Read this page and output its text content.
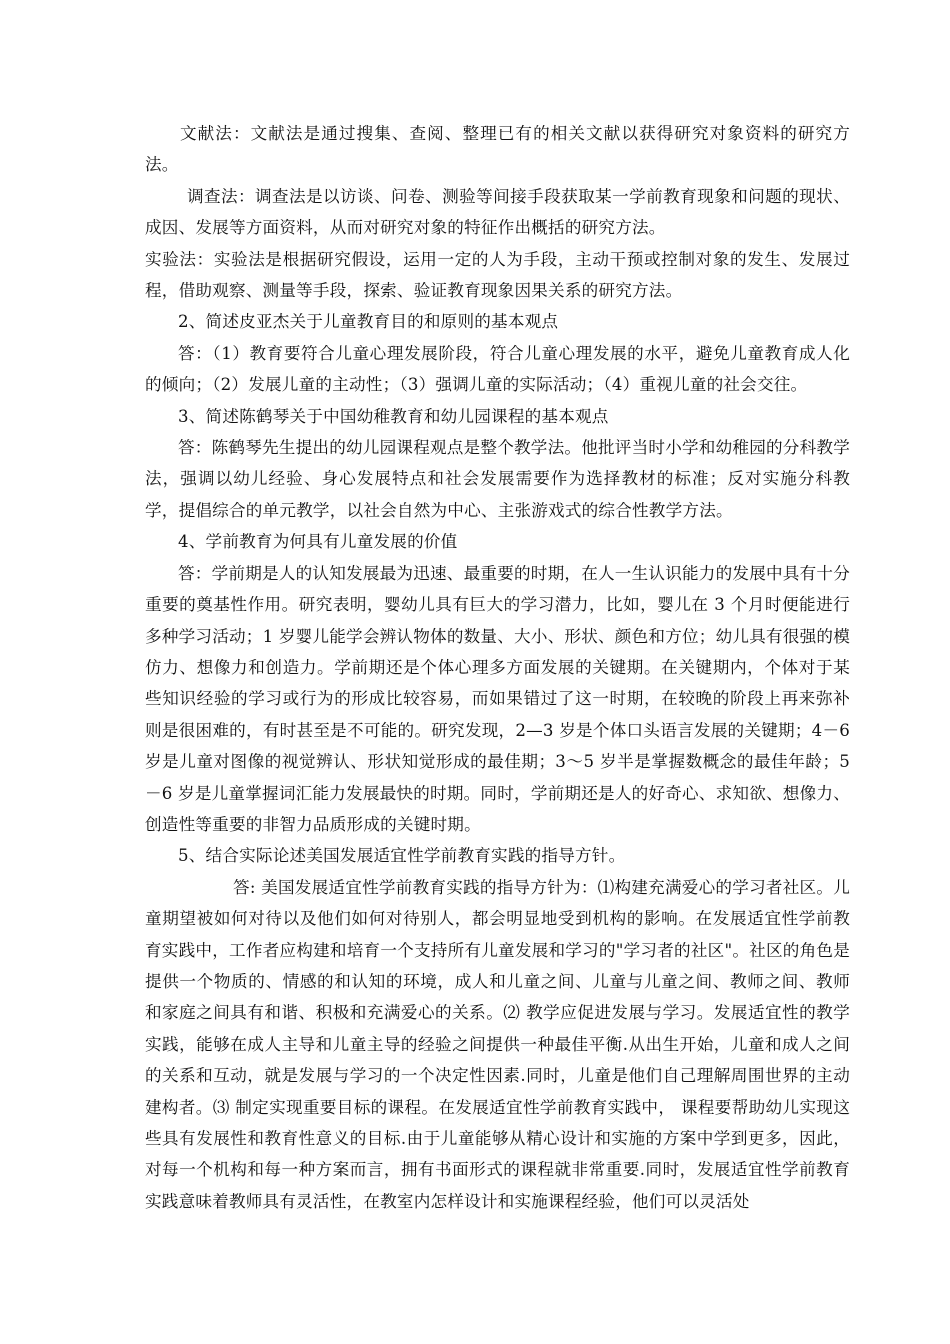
文献法：文献法是通过搜集、查阅、整理已有的相关文献以获得研究对象资料的研究方法。

调查法：调查法是以访谈、问卷、测验等间接手段获取某一学前教育现象和问题的现状、成因、发展等方面资料，从而对研究对象的特征作出概括的研究方法。

实验法：实验法是根据研究假设，运用一定的人为手段，主动干预或控制对象的发生、发展过程，借助观察、测量等手段，探索、验证教育现象因果关系的研究方法。

2、简述皮亚杰关于儿童教育目的和原则的基本观点

答：（1）教育要符合儿童心理发展阶段，符合儿童心理发展的水平，避免儿童教育成人化的倾向；（2）发展儿童的主动性；（3）强调儿童的实际活动；（4）重视儿童的社会交往。

3、简述陈鹤琴关于中国幼稚教育和幼儿园课程的基本观点

答：陈鹤琴先生提出的幼儿园课程观点是整个教学法。他批评当时小学和幼稚园的分科教学法，强调以幼儿经验、身心发展特点和社会发展需要作为选择教材的标准；反对实施分科教学，提倡综合的单元教学，以社会自然为中心、主张游戏式的综合性教学方法。

4、学前教育为何具有儿童发展的价值

答：学前期是人的认知发展最为迅速、最重要的时期，在人一生认识能力的发展中具有十分重要的奠基性作用。研究表明，婴幼儿具有巨大的学习潜力，比如，婴儿在 3 个月时便能进行多种学习活动；1 岁婴儿能学会辨认物体的数量、大小、形状、颜色和方位；幼儿具有很强的模仿力、想像力和创造力。学前期还是个体心理多方面发展的关键期。在关键期内，个体对于某些知识经验的学习或行为的形成比较容易，而如果错过了这一时期，在较晚的阶段上再来弥补则是很困难的，有时甚至是不可能的。研究发现，2—3 岁是个体口头语言发展的关键期；4－6 岁是儿童对图像的视觉辨认、形状知觉形成的最佳期；3～5 岁半是掌握数概念的最佳年龄；5－6 岁是儿童掌握词汇能力发展最快的时期。同时，学前期还是人的好奇心、求知欲、想像力、创造性等重要的非智力品质形成的关键时期。

5、结合实际论述美国发展适宜性学前教育实践的指导方针。

答: 美国发展适宜性学前教育实践的指导方针为：⑴构建充满爱心的学习者社区。儿童期望被如何对待以及他们如何对待别人，都会明显地受到机构的影响。在发展适宜性学前教育实践中，工作者应构建和培育一个支持所有儿童发展和学习的"学习者的社区"。社区的角色是提供一个物质的、情感的和认知的环境，成人和儿童之间、儿童与儿童之间、教师之间、教师和家庭之间具有和谐、积极和充满爱心的关系。⑵ 教学应促进发展与学习。发展适宜性的教学实践，能够在成人主导和儿童主导的经验之间提供一种最佳平衡.从出生开始，儿童和成人之间的关系和互动，就是发展与学习的一个决定性因素.同时，儿童是他们自己理解周围世界的主动建构者。⑶ 制定实现重要目标的课程。在发展适宜性学前教育实践中， 课程要帮助幼儿实现这些具有发展性和教育性意义的目标.由于儿童能够从精心设计和实施的方案中学到更多，因此，对每一个机构和每一种方案而言，拥有书面形式的课程就非常重要.同时，发展适宜性学前教育实践意味着教师具有灵活性，在教室内怎样设计和实施课程经验，他们可以灵活处
